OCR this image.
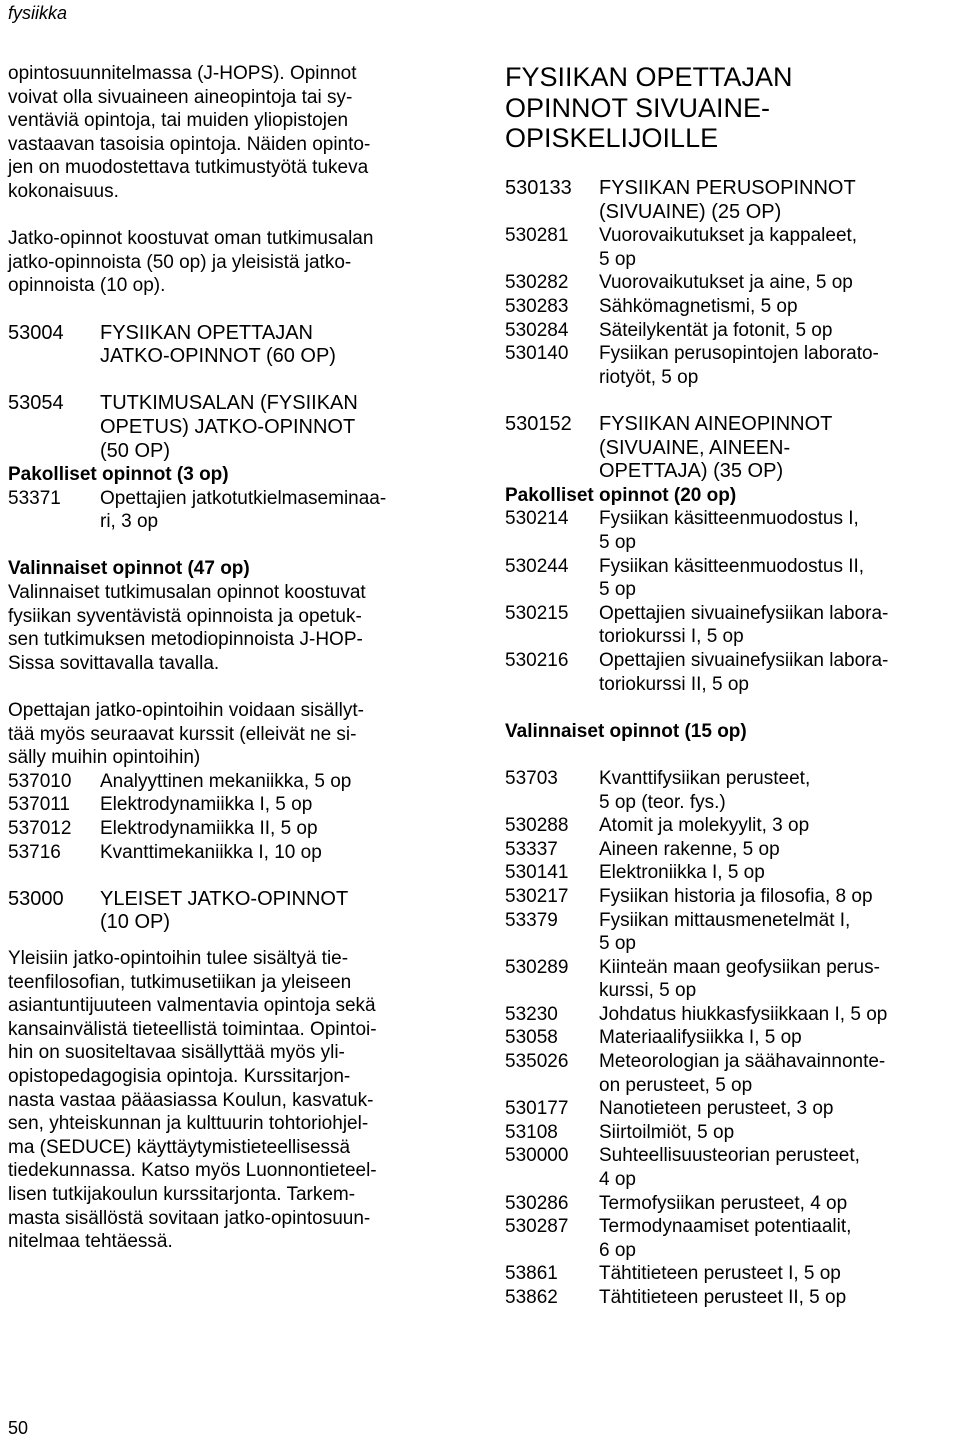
fysiikka
opintosuunnitelmassa (J-HOPS). Opinnot
voivat olla sivuaineen aineopintoja tai sy-
ventäviä opintoja, tai muiden yliopistojen
vastaavan tasoisia opintoja. Näiden opinto-
jen on muodostettava tutkimustyötä tukeva
kokonaisuus.
Jatko-opinnot koostuvat oman tutkimusalan
jatko-opinnoista (50 op) ja yleisistä jatko-
opinnoista (10 op).
53004	FYSIIKAN OPETTAJAN
JATKO-OPINNOT (60 OP)
53054	TUTKIMUSALAN (FYSIIKAN
OPETUS) JATKO-OPINNOT
(50 OP)
Pakolliset opinnot (3 op)
53371	Opettajien jatkotutkielmaseminaa-
ri, 3 op
Valinnaiset opinnot (47 op)
Valinnaiset tutkimusalan opinnot koostuvat
fysiikan syventävistä opinnoista ja opetuk-
sen tutkimuksen metodiopinnoista J-HOP-
Sissa sovittavalla tavalla.
Opettajan jatko-opintoihin voidaan sisällyt-
tää myös seuraavat kurssit (elleivät ne si-
sälly muihin opintoihin)
537010	Analyyttinen mekaniikka, 5 op
537011	Elektrodynamiikka I, 5 op
537012	Elektrodynamiikka II, 5 op
53716	Kvanttimekaniikka I, 10 op
53000	YLEISET JATKO-OPINNOT
(10 OP)
Yleisiin jatko-opintoihin tulee sisältyä tie-
teenfilosofian, tutkimusetiikan ja yleiseen
asiantuntijuuteen valmentavia opintoja sekä
kansainvälistä tieteellistä toimintaa. Opintoi-
hin on suositeltavaa sisällyttää myös yli-
opistopedagogisia opintoja. Kurssitarjon-
nasta vastaa pääasiassa Koulun, kasvatuk-
sen, yhteiskunnan ja kulttuurin tohtoriohjel-
ma (SEDUCE) käyttäytymistieteellisessä
tiedekunnassa. Katso myös Luonnontieteel-
lisen tutkijakoulun kurssitarjonta. Tarkem-
masta sisällöstä sovitaan jatko-opintosuun-
nitelmaa tehtäessä.
FYSIIKAN OPETTAJAN
OPINNOT SIVUAINE-
OPISKELIJOILLE
530133	FYSIIKAN PERUSOPINNOT
(SIVUAINE) (25 OP)
530281	Vuorovaikutukset ja kappaleet,
5 op
530282	Vuorovaikutukset ja aine, 5 op
530283	Sähkömagnetismi, 5 op
530284	Säteilykentät ja fotonit, 5 op
530140	Fysiikan perusopintojen laborato-
riotyöt, 5 op
530152	FYSIIKAN AINEOPINNOT
(SIVUAINE, AINEEN-
OPETTAJA) (35 OP)
Pakolliset opinnot (20 op)
530214	Fysiikan käsitteenmuodostus I,
5 op
530244	Fysiikan käsitteenmuodostus II,
5 op
530215	Opettajien sivuainefysiikan labora-
toriokurssi I, 5 op
530216	Opettajien sivuainefysiikan labora-
toriokurssi II, 5 op
Valinnaiset opinnot (15 op)
53703	Kvanttifysiikan perusteet,
5 op (teor. fys.)
530288	Atomit ja molekyylit, 3 op
53337	Aineen rakenne, 5 op
530141	Elektroniikka I, 5 op
530217	Fysiikan historia ja filosofia, 8 op
53379	Fysiikan mittausmenetelmät I,
5 op
530289	Kiinteän maan geofysiikan perus-
kurssi, 5 op
53230	Johdatus hiukkasfysiikkaan I, 5 op
53058	Materiaalifysiikka I, 5 op
535026	Meteorologian ja säähavainnonte-
on perusteet, 5 op
530177	Nanotieteen perusteet, 3 op
53108	Siirtoilmiöt, 5 op
530000	Suhteellisuusteorian perusteet,
4 op
530286	Termofysiikan perusteet, 4 op
530287	Termodynaamiset potentiaalit,
6 op
53861	Tähtitieteen perusteet I, 5 op
53862	Tähtitieteen perusteet II, 5 op
50
